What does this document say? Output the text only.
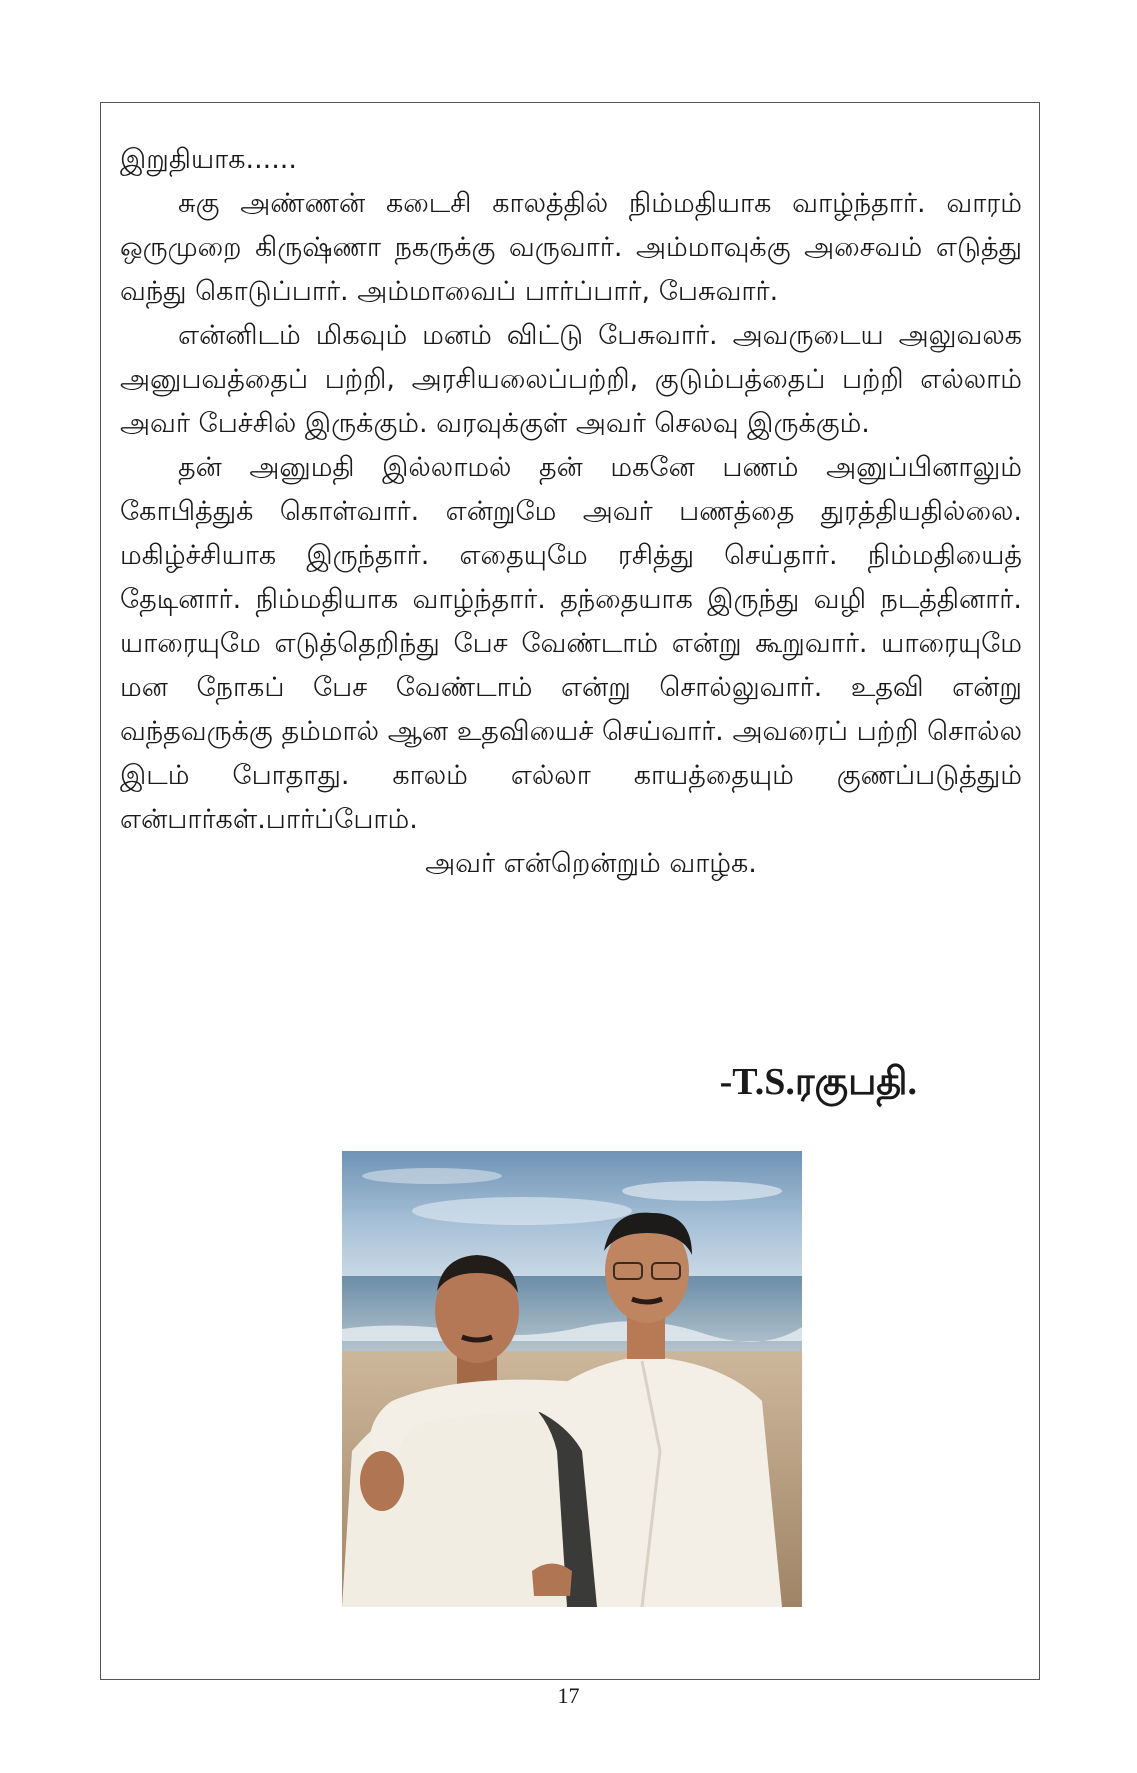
இறுதியாக......

சுகு அண்ணன் கடைசி காலத்தில் நிம்மதியாக வாழ்ந்தார். வாரம் ஒருமுறை கிருஷ்ணா நகருக்கு வருவார். அம்மாவுக்கு அசைவம் எடுத்து வந்து கொடுப்பார். அம்மாவைப் பார்ப்பார், பேசுவார்.

என்னிடம் மிகவும் மனம் விட்டு பேசுவார். அவருடைய அலுவலக அனுபவத்தைப் பற்றி, அரசியலைப்பற்றி, குடும்பத்தைப் பற்றி எல்லாம் அவர் பேச்சில் இருக்கும். வரவுக்குள் அவர் செலவு இருக்கும்.

தன் அனுமதி இல்லாமல் தன் மகனே பணம் அனுப்பினாலும் கோபித்துக் கொள்வார். என்றுமே அவர் பணத்தை துரத்தியதில்லை. மகிழ்ச்சியாக இருந்தார். எதையுமே ரசித்து செய்தார். நிம்மதியைத் தேடினார். நிம்மதியாக வாழ்ந்தார். தந்தையாக இருந்து வழி நடத்தினார். யாரையுமே எடுத்தெறிந்து பேச வேண்டாம் என்று கூறுவார். யாரையுமே மன நோகப் பேச வேண்டாம் என்று சொல்லுவார். உதவி என்று வந்தவருக்கு தம்மால் ஆன உதவியைச் செய்வார். அவரைப் பற்றி சொல்ல இடம் போதாது. காலம் எல்லா காயத்தையும் குணப்படுத்தும் என்பார்கள்.பார்ப்போம்.

அவர் என்றென்றும் வாழ்க.

-T.S.ரகுபதி.
17
